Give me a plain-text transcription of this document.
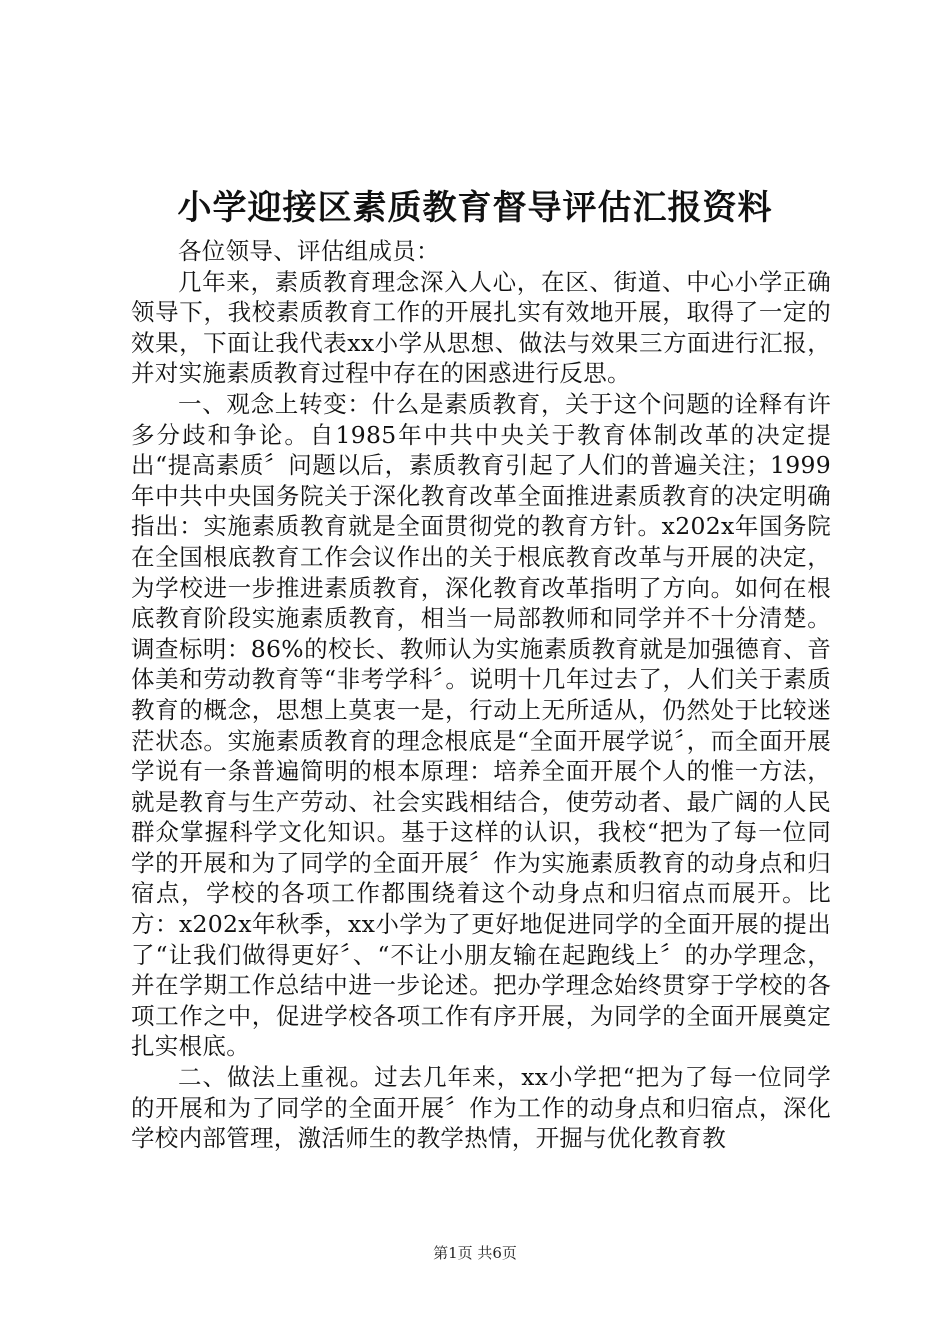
小学迎接区素质教育督导评估汇报资料

各位领导、评估组成员：

几年来，素质教育理念深入人心，在区、街道、中心小学正确领导下，我校素质教育工作的开展扎实有效地开展，取得了一定的效果，下面让我代表xx小学从思想、做法与效果三方面进行汇报，并对实施素质教育过程中存在的困惑进行反思。

一、观念上转变：什么是素质教育，关于这个问题的诠释有许多分歧和争论。自1985年中共中央关于教育体制改革的决定提出“提高素质〞问题以后，素质教育引起了人们的普遍关注；1999年中共中央国务院关于深化教育改革全面推进素质教育的决定明确指出：实施素质教育就是全面贯彻党的教育方针。x202x年国务院在全国根底教育工作会议作出的关于根底教育改革与开展的决定，为学校进一步推进素质教育，深化教育改革指明了方向。如何在根底教育阶段实施素质教育，相当一局部教师和同学并不十分清楚。调查标明：86%的校长、教师认为实施素质教育就是加强德育、音体美和劳动教育等“非考学科〞。说明十几年过去了，人们关于素质教育的概念，思想上莫衷一是，行动上无所适从，仍然处于比较迷茫状态。实施素质教育的理念根底是“全面开展学说〞，而全面开展学说有一条普遍简明的根本原理：培养全面开展个人的惟一方法，就是教育与生产劳动、社会实践相结合，使劳动者、最广阔的人民群众掌握科学文化知识。基于这样的认识，我校“把为了每一位同学的开展和为了同学的全面开展〞作为实施素质教育的动身点和归宿点，学校的各项工作都围绕着这个动身点和归宿点而展开。比方：x202x年秋季，xx小学为了更好地促进同学的全面开展的提出了“让我们做得更好〞、“不让小朋友输在起跑线上〞的办学理念，并在学期工作总结中进一步论述。把办学理念始终贯穿于学校的各项工作之中，促进学校各项工作有序开展，为同学的全面开展奠定扎实根底。

二、做法上重视。过去几年来，xx小学把“把为了每一位同学的开展和为了同学的全面开展〞作为工作的动身点和归宿点，深化学校内部管理，激活师生的教学热情，开掘与优化教育教

第1页 共6页
